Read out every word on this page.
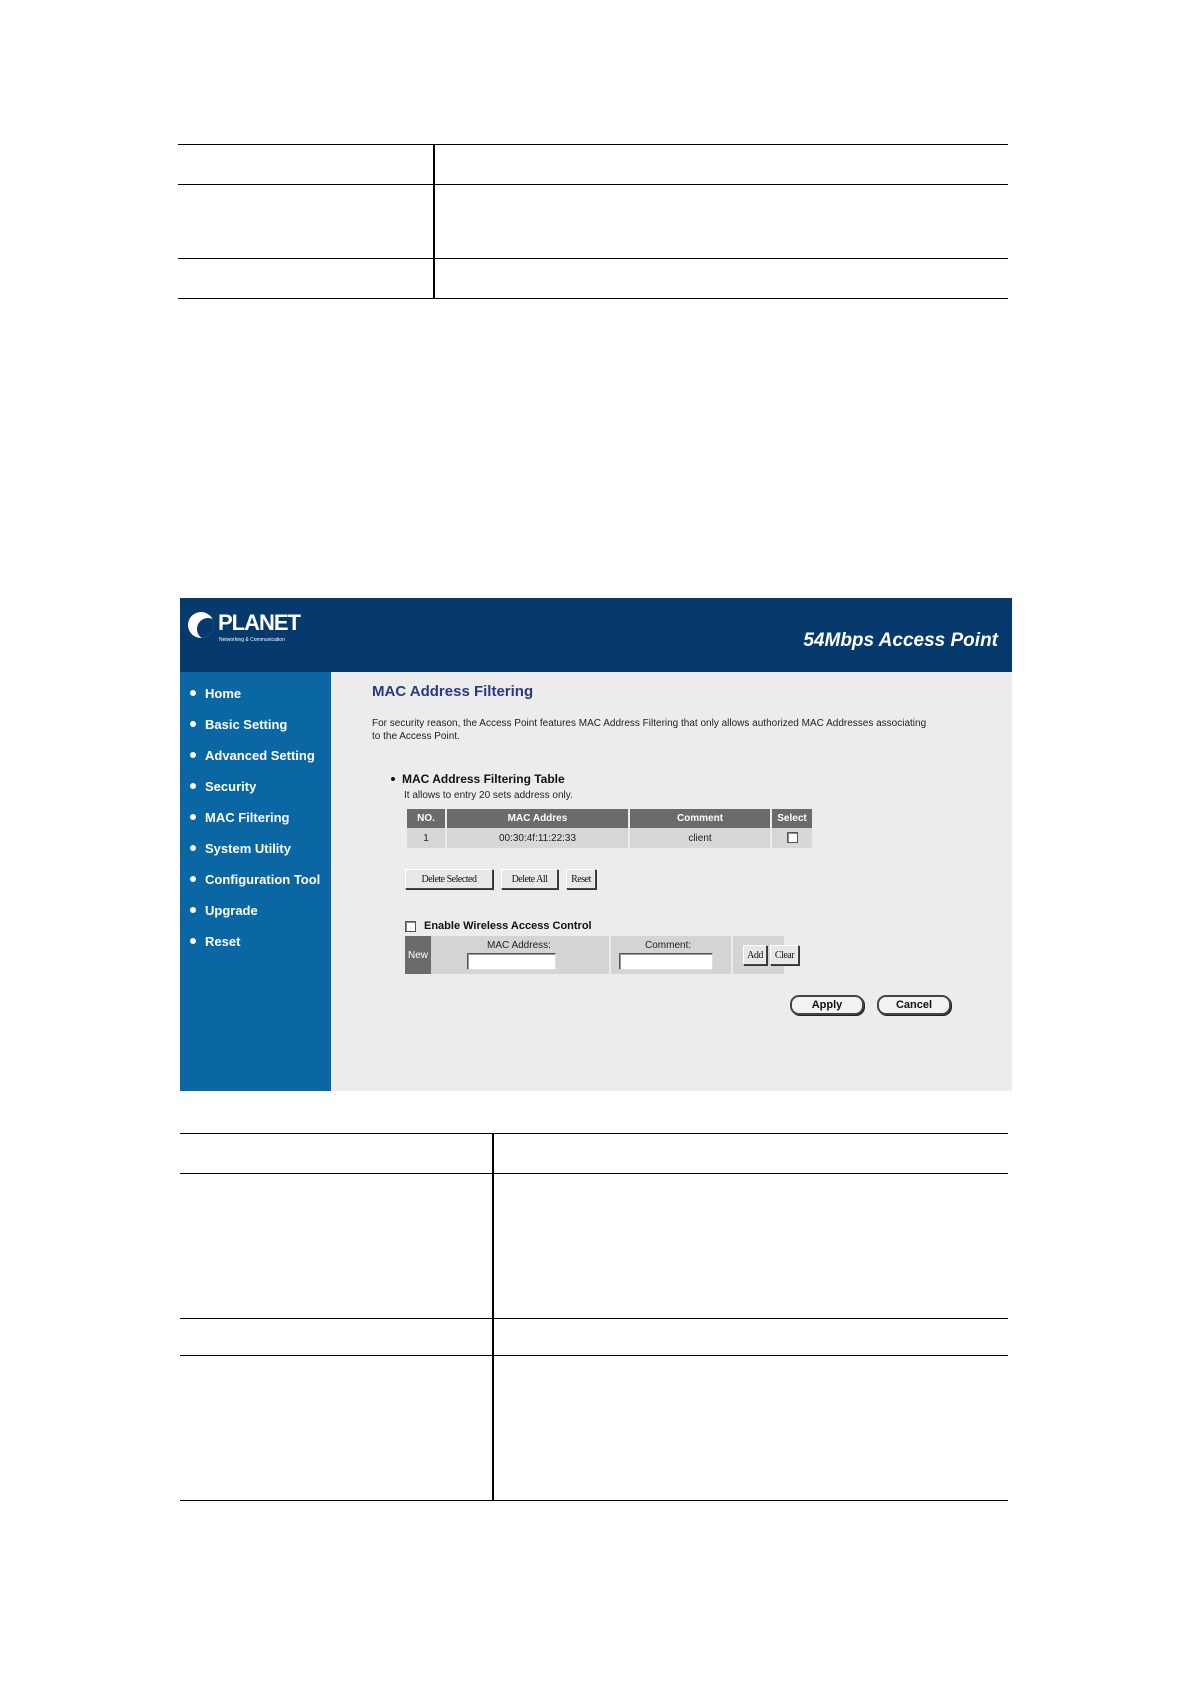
PLANET
Networking & Communication	54Mbps Access Point
Home
Basic Setting
Advanced Setting
Security
MAC Filtering
System Utility
Configuration Tool
Upgrade
Reset
MAC Address Filtering
For security reason, the Access Point features MAC Address Filtering that only allows authorized MAC Addresses associating to the Access Point.
MAC Address Filtering Table
It allows to entry 20 sets address only.
NO.	MAC Addres	Comment	Select
1	00:30:4f:11:22:33	client	
Delete Selected	Delete All	Reset
Enable Wireless Access Control
New
MAC Address:	Comment:
Add	Clear
Apply	Cancel
